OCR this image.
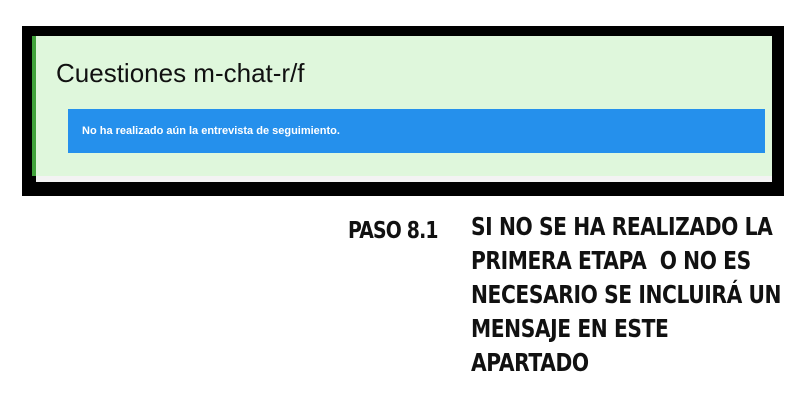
Cuestiones m-chat-r/f
No ha realizado aún la entrevista de seguimiento.
PASO 8.1 SI NO SE HA REALIZADO LA
PRIMERA ETAPA  O NO ES
NECESARIO SE INCLUIRÁ UN
MENSAJE EN ESTE
APARTADO
